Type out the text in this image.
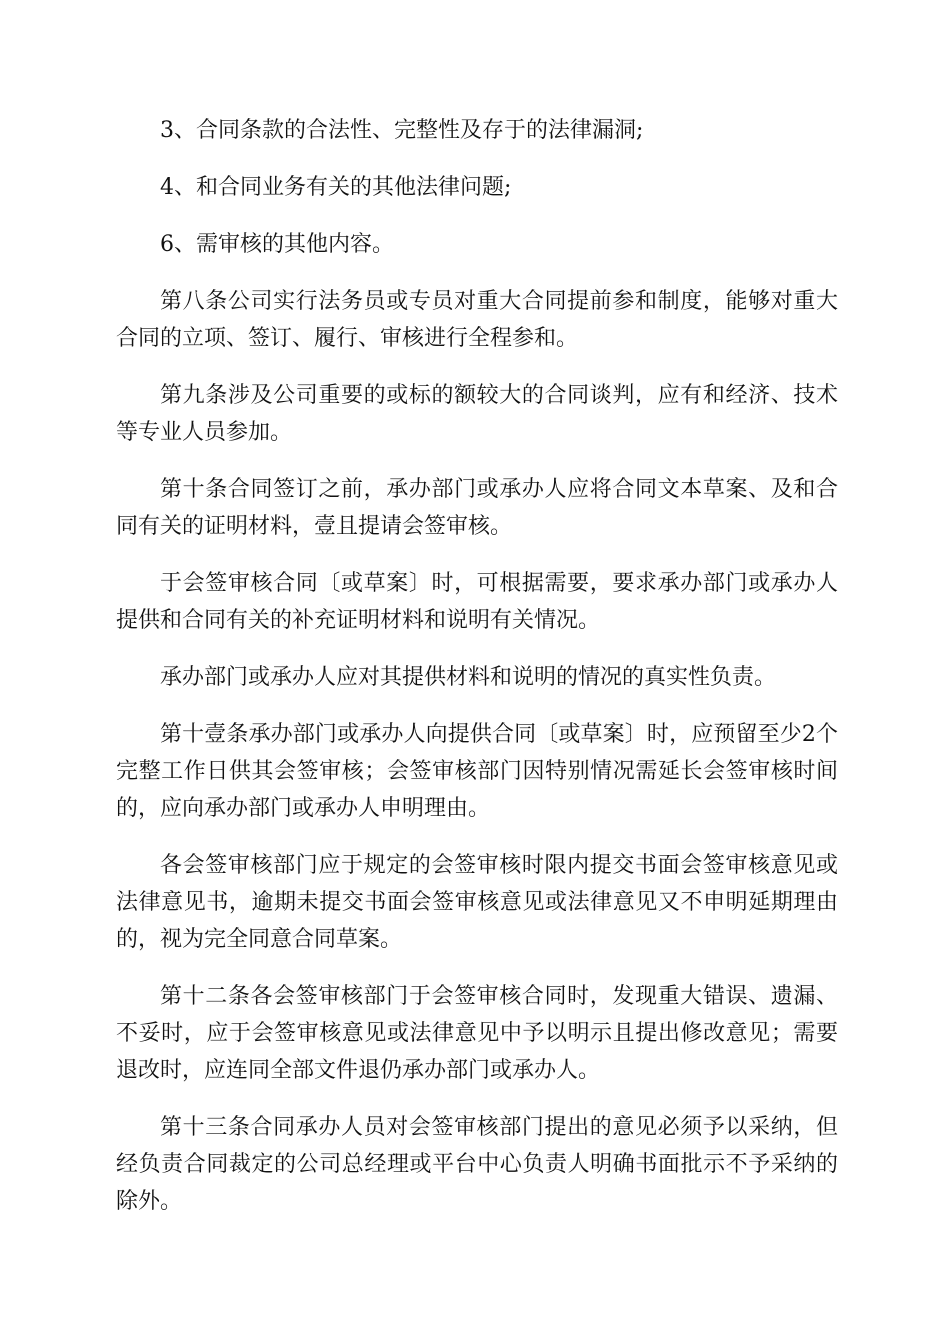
3、合同条款的合法性、完整性及存于的法律漏洞;

4、和合同业务有关的其他法律问题;

6、需审核的其他内容。

第八条公司实行法务员或专员对重大合同提前参和制度，能够对重大合同的立项、签订、履行、审核进行全程参和。

第九条涉及公司重要的或标的额较大的合同谈判，应有和经济、技术等专业人员参加。

第十条合同签订之前，承办部门或承办人应将合同文本草案、及和合同有关的证明材料，壹且提请会签审核。

于会签审核合同〔或草案〕时，可根据需要，要求承办部门或承办人提供和合同有关的补充证明材料和说明有关情况。

承办部门或承办人应对其提供材料和说明的情况的真实性负责。

第十壹条承办部门或承办人向提供合同〔或草案〕时，应预留至少2个完整工作日供其会签审核；会签审核部门因特别情况需延长会签审核时间的，应向承办部门或承办人申明理由。

各会签审核部门应于规定的会签审核时限内提交书面会签审核意见或法律意见书，逾期未提交书面会签审核意见或法律意见又不申明延期理由的，视为完全同意合同草案。

第十二条各会签审核部门于会签审核合同时，发现重大错误、遗漏、不妥时，应于会签审核意见或法律意见中予以明示且提出修改意见；需要退改时，应连同全部文件退仍承办部门或承办人。

第十三条合同承办人员对会签审核部门提出的意见必须予以采纳，但经负责合同裁定的公司总经理或平台中心负责人明确书面批示不予采纳的除外。
